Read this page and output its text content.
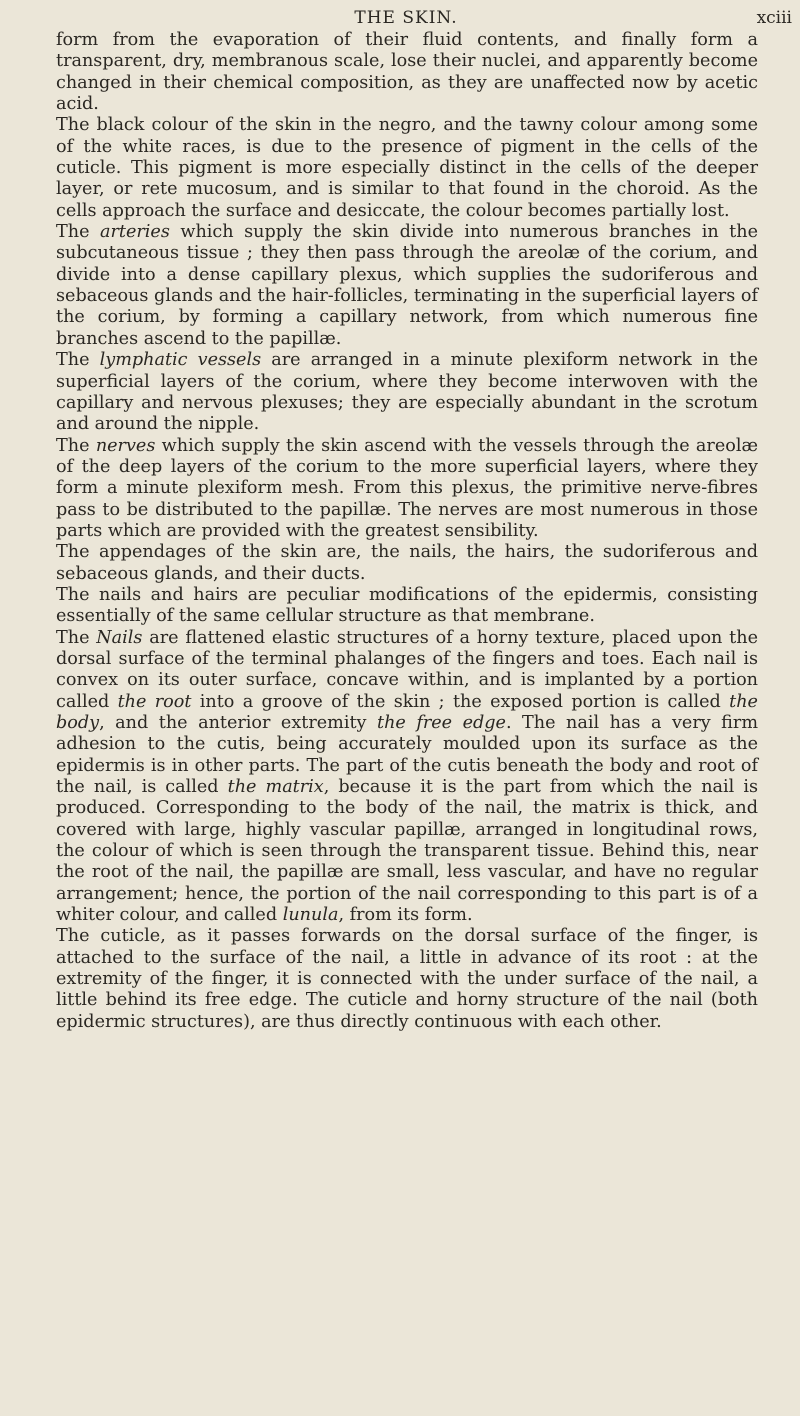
THE SKIN.	xciii

form from the evaporation of their fluid contents, and finally form a transparent, dry, membranous scale, lose their nuclei, and apparently become changed in their chemical composition, as they are unaffected now by acetic acid.

The black colour of the skin in the negro, and the tawny colour among some of the white races, is due to the presence of pigment in the cells of the cuticle. This pigment is more especially distinct in the cells of the deeper layer, or rete mucosum, and is similar to that found in the choroid. As the cells approach the surface and desiccate, the colour becomes partially lost.

The arteries which supply the skin divide into numerous branches in the subcutaneous tissue ; they then pass through the areolæ of the corium, and divide into a dense capillary plexus, which supplies the sudoriferous and sebaceous glands and the hair-follicles, terminating in the superficial layers of the corium, by forming a capillary network, from which numerous fine branches ascend to the papillæ.

The lymphatic vessels are arranged in a minute plexiform network in the superficial layers of the corium, where they become interwoven with the capillary and nervous plexuses; they are especially abundant in the scrotum and around the nipple.

The nerves which supply the skin ascend with the vessels through the areolæ of the deep layers of the corium to the more superficial layers, where they form a minute plexiform mesh. From this plexus, the primitive nerve-fibres pass to be distributed to the papillæ. The nerves are most numerous in those parts which are provided with the greatest sensibility.

The appendages of the skin are, the nails, the hairs, the sudoriferous and sebaceous glands, and their ducts.

The nails and hairs are peculiar modifications of the epidermis, consisting essentially of the same cellular structure as that membrane.

The Nails are flattened elastic structures of a horny texture, placed upon the dorsal surface of the terminal phalanges of the fingers and toes. Each nail is convex on its outer surface, concave within, and is implanted by a portion called the root into a groove of the skin ; the exposed portion is called the body, and the anterior extremity the free edge. The nail has a very firm adhesion to the cutis, being accurately moulded upon its surface as the epidermis is in other parts. The part of the cutis beneath the body and root of the nail, is called the matrix, because it is the part from which the nail is produced. Corresponding to the body of the nail, the matrix is thick, and covered with large, highly vascular papillæ, arranged in longitudinal rows, the colour of which is seen through the transparent tissue. Behind this, near the root of the nail, the papillæ are small, less vascular, and have no regular arrangement; hence, the portion of the nail corresponding to this part is of a whiter colour, and called lunula, from its form.

The cuticle, as it passes forwards on the dorsal surface of the finger, is attached to the surface of the nail, a little in advance of its root : at the extremity of the finger, it is connected with the under surface of the nail, a little behind its free edge. The cuticle and horny structure of the nail (both epidermic structures), are thus directly continuous with each other.
